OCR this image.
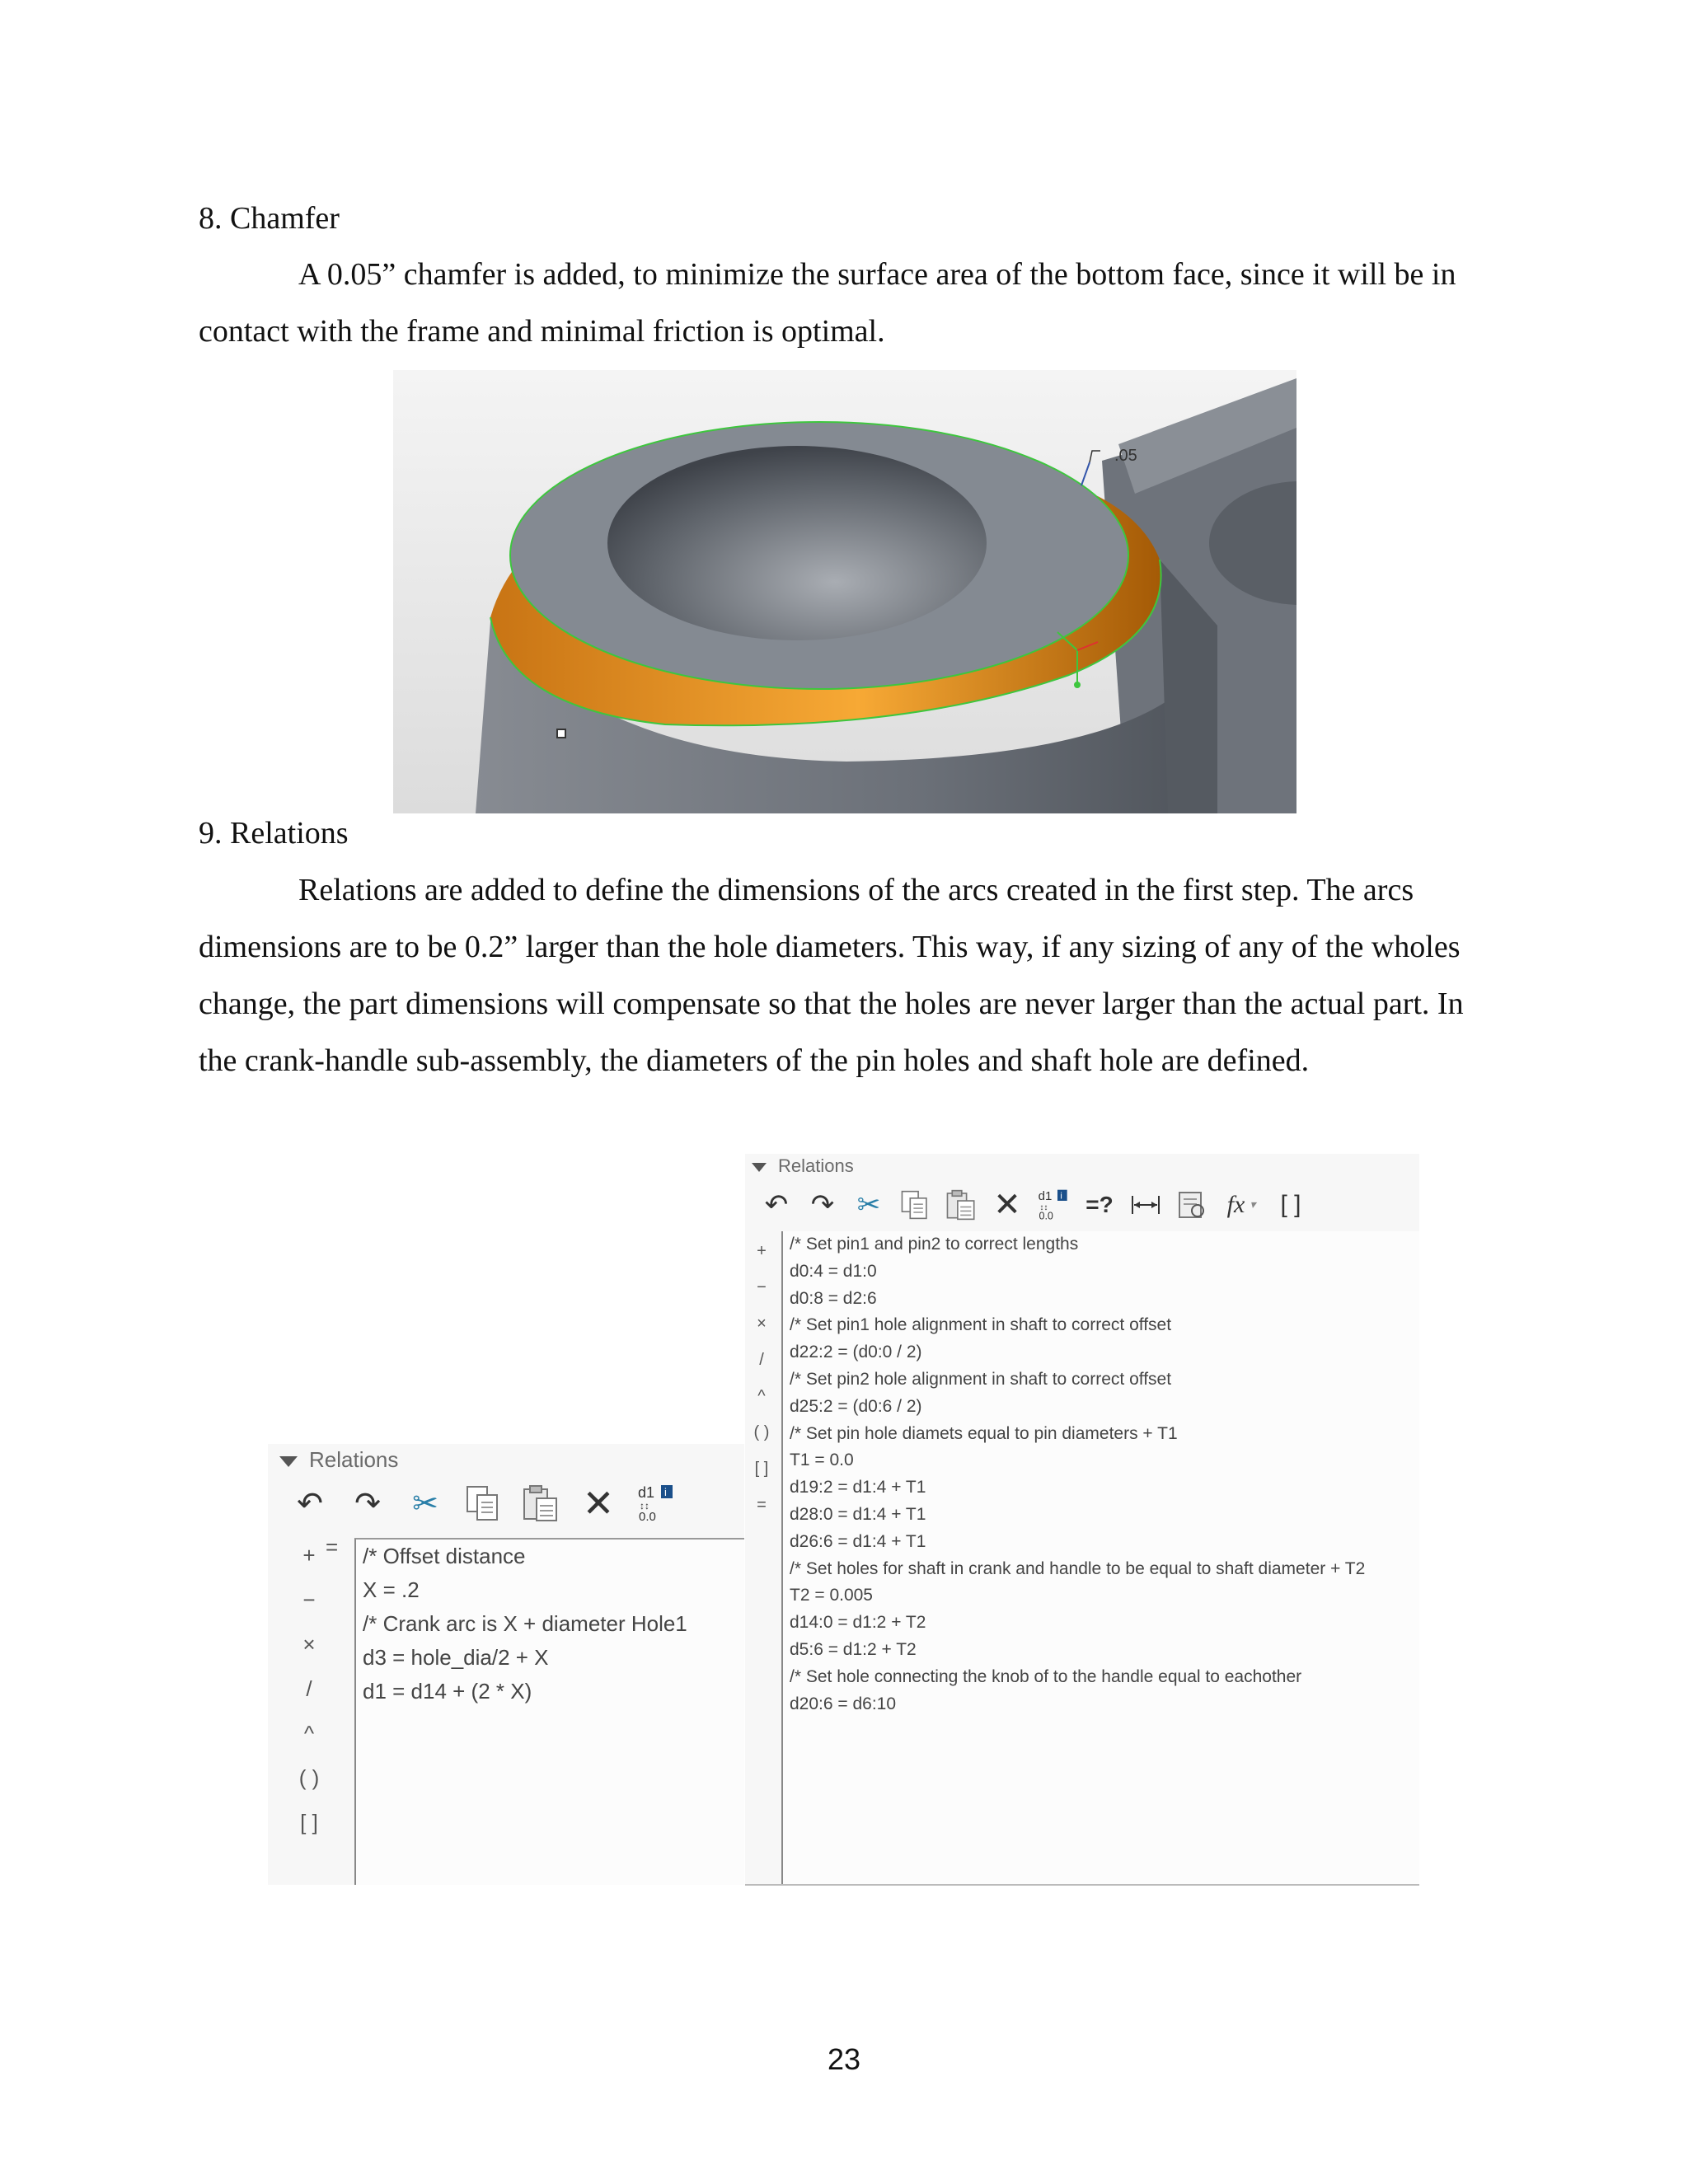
8. Chamfer

A 0.05” chamfer is added, to minimize the surface area of the bottom face, since it will be in contact with the frame and minimal friction is optimal.

.05

9. Relations

Relations are added to define the dimensions of the arcs created in the first step. The arcs dimensions are to be 0.2” larger than the hole diameters. This way, if any sizing of any of the wholes change, the part dimensions will compensate so that the holes are never larger than the actual part. In the crank-handle sub-assembly, the diameters of the pin holes and shaft hole are defined.

Relations
↶	↷	✂	✕	d1 i
↕↕
0.0
+
−
×
/
^
( )
[ ]
=	/* Offset distance
X = .2
/* Crank arc is X + diameter Hole1
d3 = hole_dia/2 + X
d1 = d14 + (2 * X)
Relations
↶ ↷ ✂	✕	d1 i
↕↕
0.0	=?	fx ▾	[ ]
+
−
×
/
^
( )
[ ]
=
/* Set pin1 and pin2 to correct lengths
d0:4 = d1:0
d0:8 = d2:6
/* Set pin1 hole alignment in shaft to correct offset
d22:2 = (d0:0 / 2)
/* Set pin2 hole alignment in shaft to correct offset
d25:2 = (d0:6 / 2)
/* Set pin hole diamets equal to pin diameters + T1
T1 = 0.0
d19:2 = d1:4 + T1
d28:0 = d1:4 + T1
d26:6 = d1:4 + T1
/* Set holes for shaft in crank and handle to be equal to shaft diameter + T2
T2 = 0.005
d14:0 = d1:2 + T2
d5:6 = d1:2 + T2
/* Set hole connecting the knob of to the handle equal to eachother
d20:6 = d6:10
23
